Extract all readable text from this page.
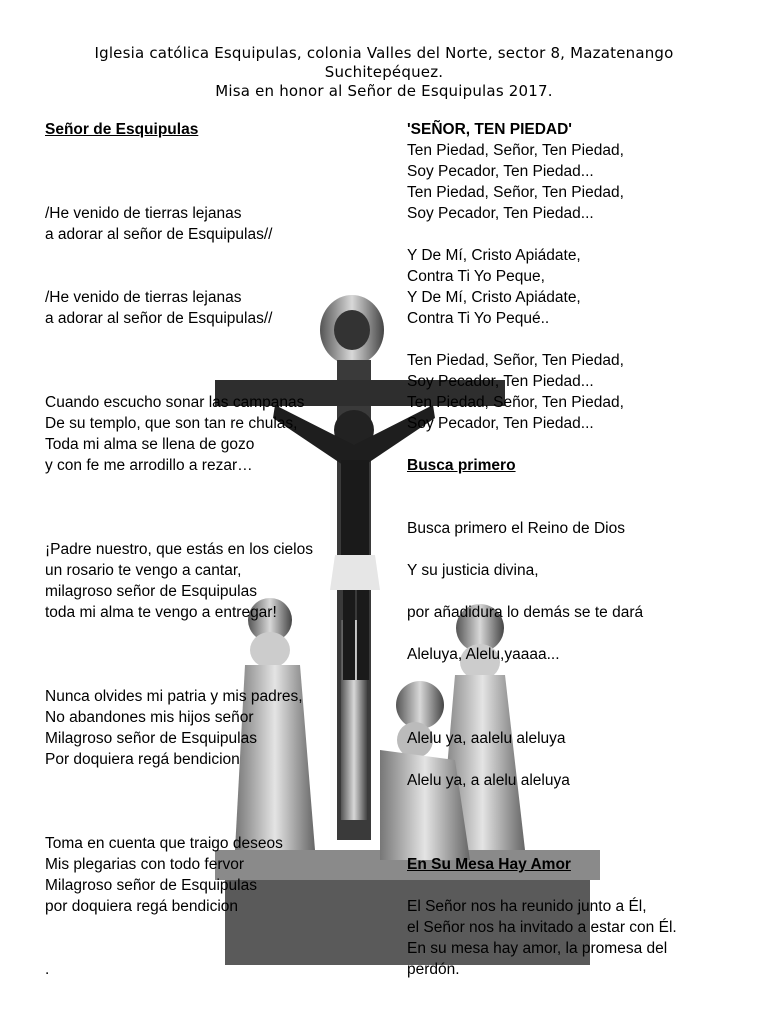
Iglesia católica Esquipulas, colonia Valles del Norte, sector 8, Mazatenango
Suchitepéquez.
Misa en honor al Señor de Esquipulas 2017.
Señor de Esquipulas
/He venido de tierras lejanas
a adorar al señor de Esquipulas//
/He venido de tierras lejanas
a adorar al señor de Esquipulas//
Cuando escucho sonar las campanas
De su templo, que son tan re chulas,
Toda mi alma se llena de gozo
y con fe me arrodillo a rezar…
¡Padre nuestro, que estás en los cielos
un rosario te vengo a cantar,
milagroso señor de Esquipulas
toda mi alma te vengo a entregar!
Nunca olvides mi patria y mis padres,
No abandones mis hijos señor
Milagroso señor de Esquipulas
Por doquiera regá bendicion
Toma en cuenta que traigo deseos
Mis plegarias con todo fervor
Milagroso señor de Esquipulas
por doquiera regá bendicion
.
'SEÑOR, TEN PIEDAD'
Ten Piedad, Señor, Ten Piedad,
Soy Pecador, Ten Piedad...
Ten Piedad, Señor, Ten Piedad,
Soy Pecador, Ten Piedad...
Y De Mí, Cristo Apiádate,
Contra Ti Yo Peque,
Y De Mí, Cristo Apiádate,
Contra Ti Yo Pequé..
Ten Piedad, Señor, Ten Piedad,
Soy Pecador, Ten Piedad...
Ten Piedad, Señor, Ten Piedad,
Soy Pecador, Ten Piedad...
Busca primero
Busca primero el Reino de Dios
Y su justicia divina,
por añadidura lo demás se te dará
Aleluya, Alelu,yaaaa...
Alelu ya, aalelu aleluya
Alelu ya, a alelu aleluya
En Su Mesa Hay Amor
El Señor nos ha reunido junto a Él,
el Señor nos ha invitado a estar con Él.
En su mesa hay amor, la promesa del
perdón.
